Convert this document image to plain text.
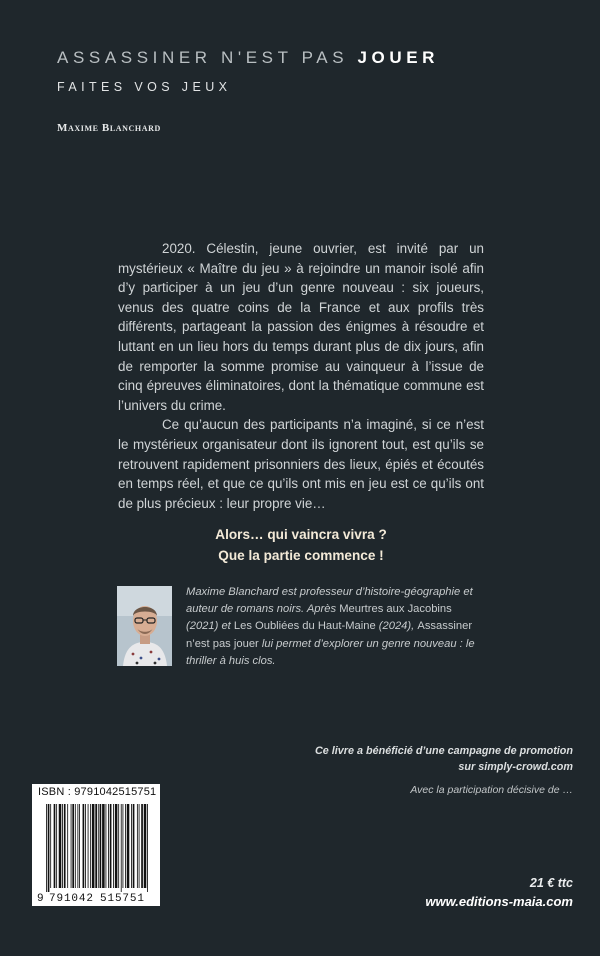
ASSASSINER N'EST PAS JOUER
FAITES VOS JEUX
Maxime Blanchard

2020. Célestin, jeune ouvrier, est invité par un mystérieux « Maître du jeu » à rejoindre un manoir isolé afin d’y participer à un jeu d’un genre nouveau : six joueurs, venus des quatre coins de la France et aux profils très différents, partageant la passion des énigmes à résoudre et luttant en un lieu hors du temps durant plus de dix jours, afin de remporter la somme promise au vainqueur à l’issue de cinq épreuves éliminatoires, dont la thématique commune est l’univers du crime.

Ce qu’aucun des participants n’a imaginé, si ce n’est le mystérieux organisateur dont ils ignorent tout, est qu’ils se retrouvent rapidement prisonniers des lieux, épiés et écoutés en temps réel, et que ce qu’ils ont mis en jeu est ce qu’ils ont de plus précieux : leur propre vie…

Alors… qui vaincra vivra ?
Que la partie commence !
Maxime Blanchard est professeur d’histoire-géographie et auteur de romans noirs. Après Meurtres aux Jacobins (2021) et Les Oubliées du Haut-Maine (2024), Assassiner n’est pas jouer lui permet d’explorer un genre nouveau : le thriller à huis clos.
Ce livre a bénéficié d’une campagne de promotion
sur simply-crowd.com
Avec la participation décisive de …
ISBN : 9791042515751
9 791042 515751
21 € ttc
www.editions-maia.com
